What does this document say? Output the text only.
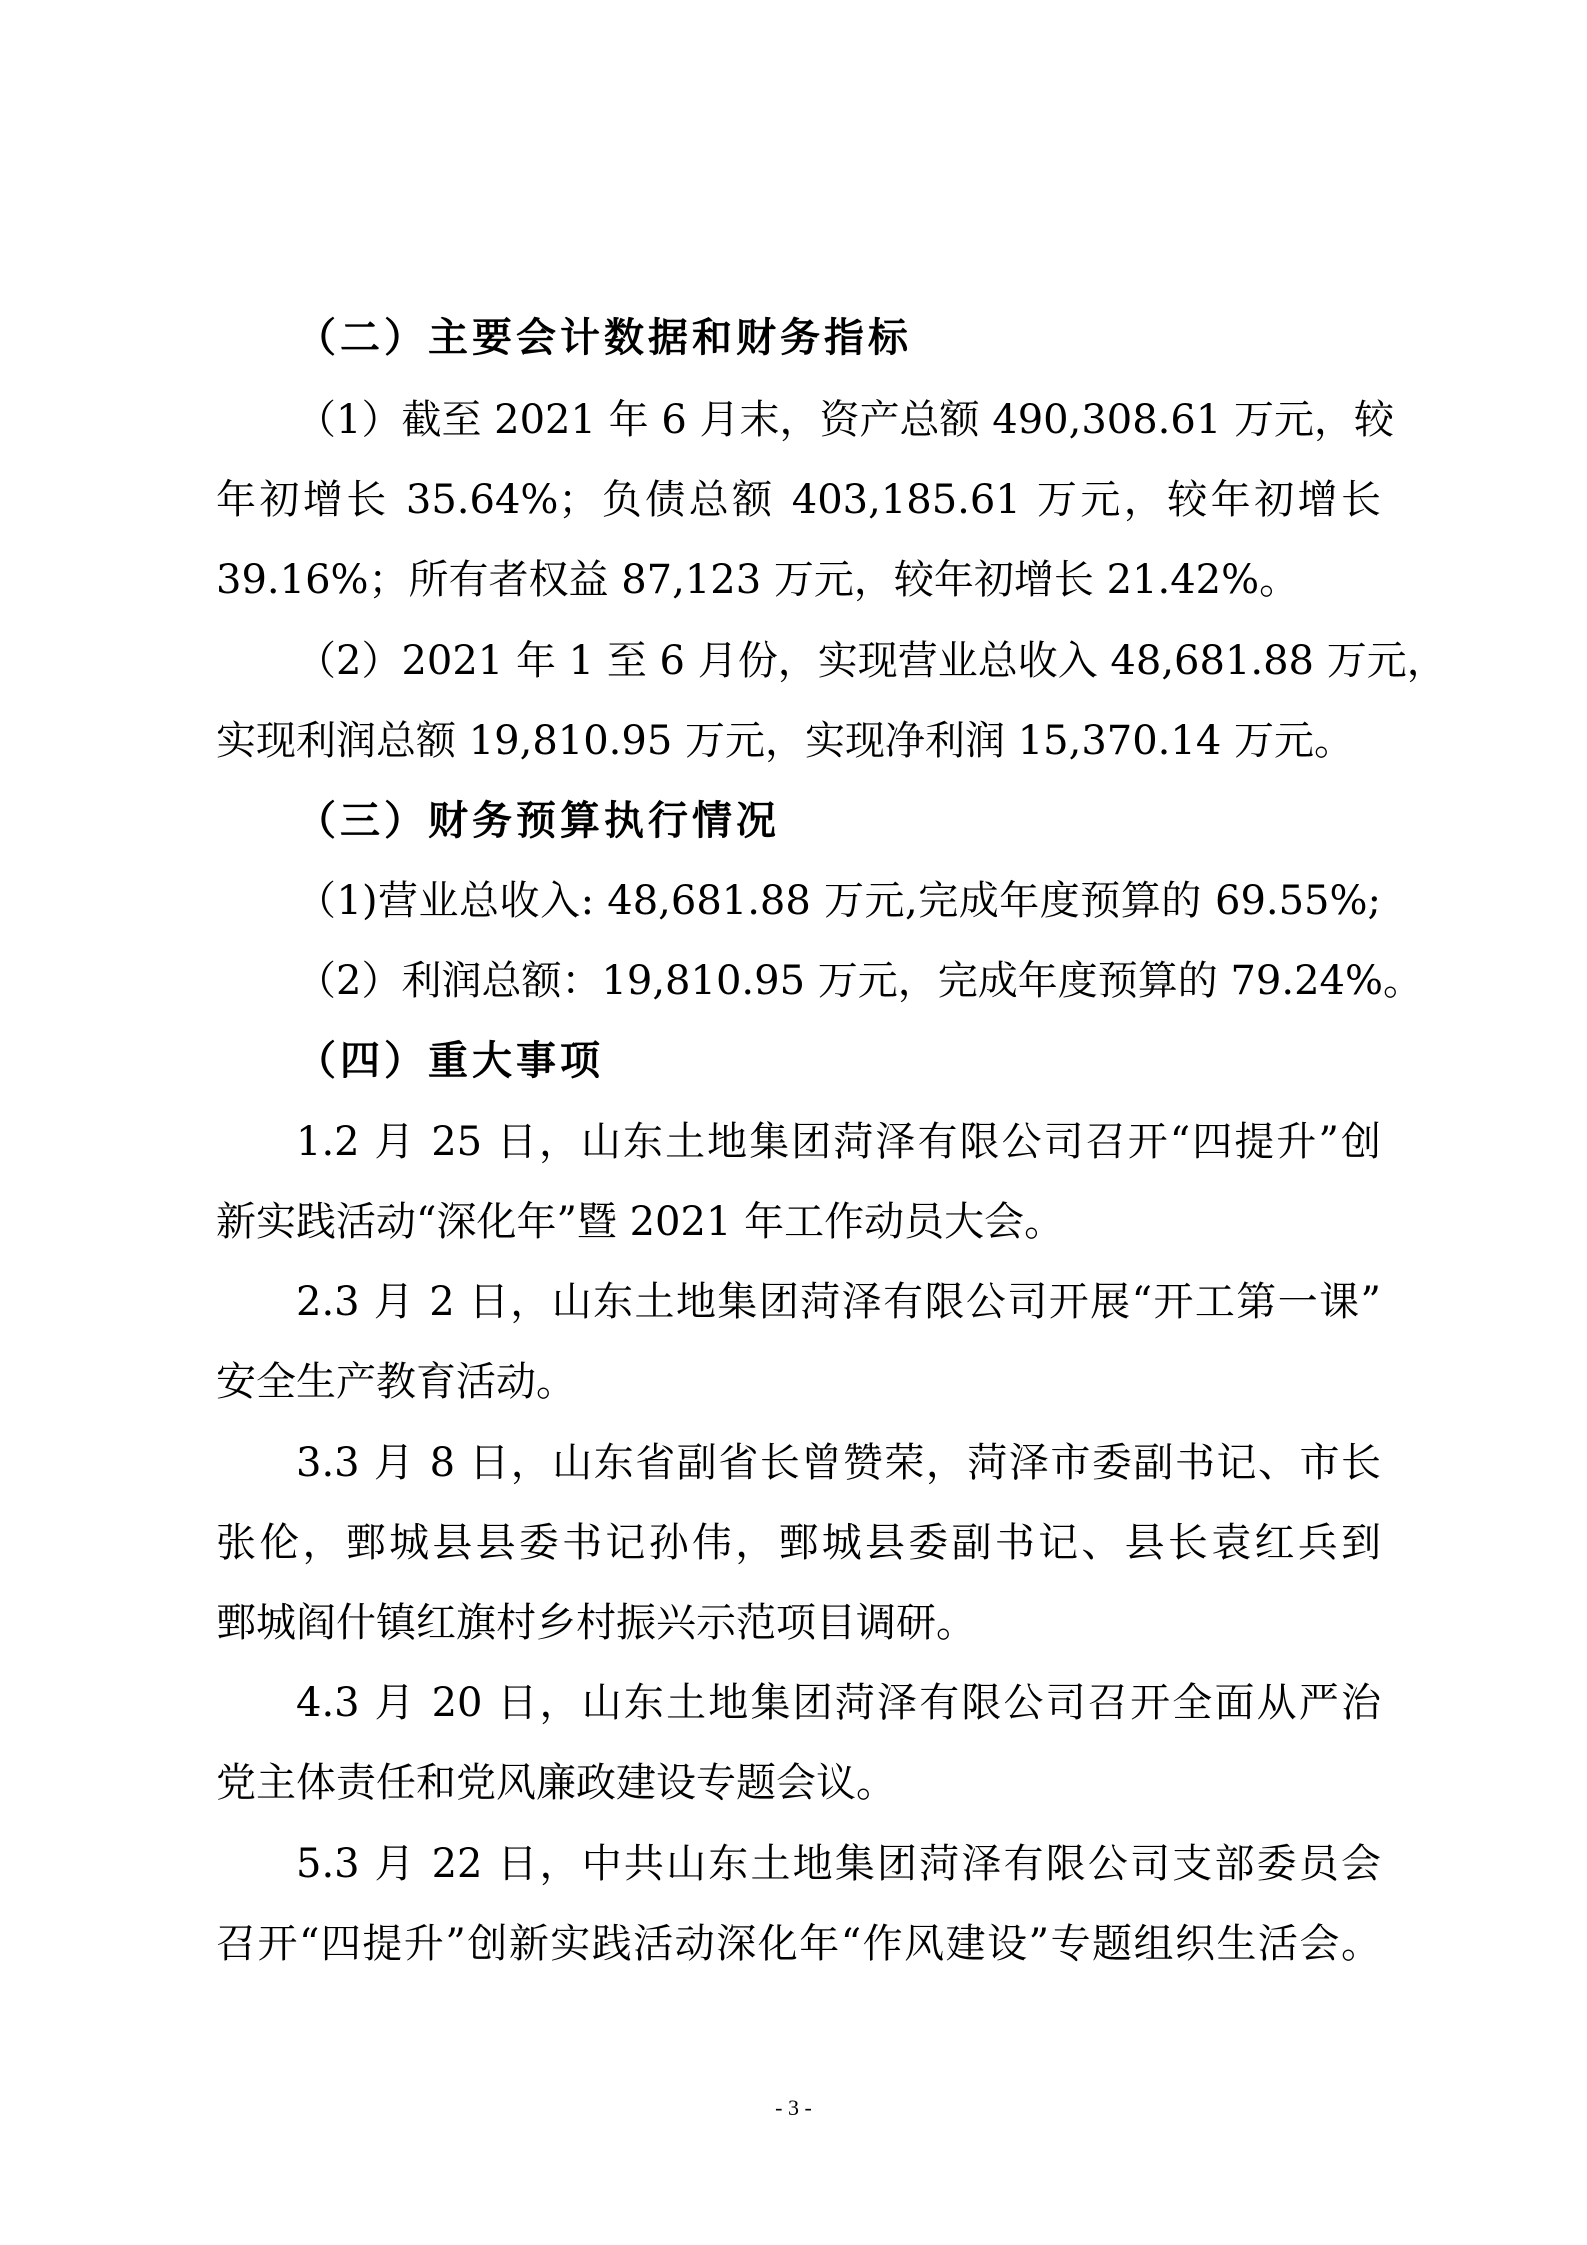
（二）主要会计数据和财务指标
（1）截至 2021 年 6 月末，资产总额 490,308.61 万元，较
年初增长 35.64%；负债总额 403,185.61 万元，较年初增长
39.16%；所有者权益 87,123 万元，较年初增长 21.42%。
（2）2021 年 1 至 6 月份，实现营业总收入 48,681.88 万元，
实现利润总额 19,810.95 万元，实现净利润 15,370.14 万元。
（三）财务预算执行情况
（1)营业总收入: 48,681.88 万元,完成年度预算的 69.55%;
（2）利润总额：19,810.95 万元，完成年度预算的 79.24%。
（四）重大事项
1.2 月 25 日，山东土地集团菏泽有限公司召开“四提升”创
新实践活动“深化年”暨 2021 年工作动员大会。
2.3 月 2 日，山东土地集团菏泽有限公司开展“开工第一课”
安全生产教育活动。
3.3 月 8 日，山东省副省长曾赞荣，菏泽市委副书记、市长
张伦，鄄城县县委书记孙伟，鄄城县委副书记、县长袁红兵到
鄄城阎什镇红旗村乡村振兴示范项目调研。
4.3 月 20 日，山东土地集团菏泽有限公司召开全面从严治
党主体责任和党风廉政建设专题会议。
5.3 月 22 日，中共山东土地集团菏泽有限公司支部委员会
召开“四提升”创新实践活动深化年“作风建设”专题组织生活会。
- 3 -
